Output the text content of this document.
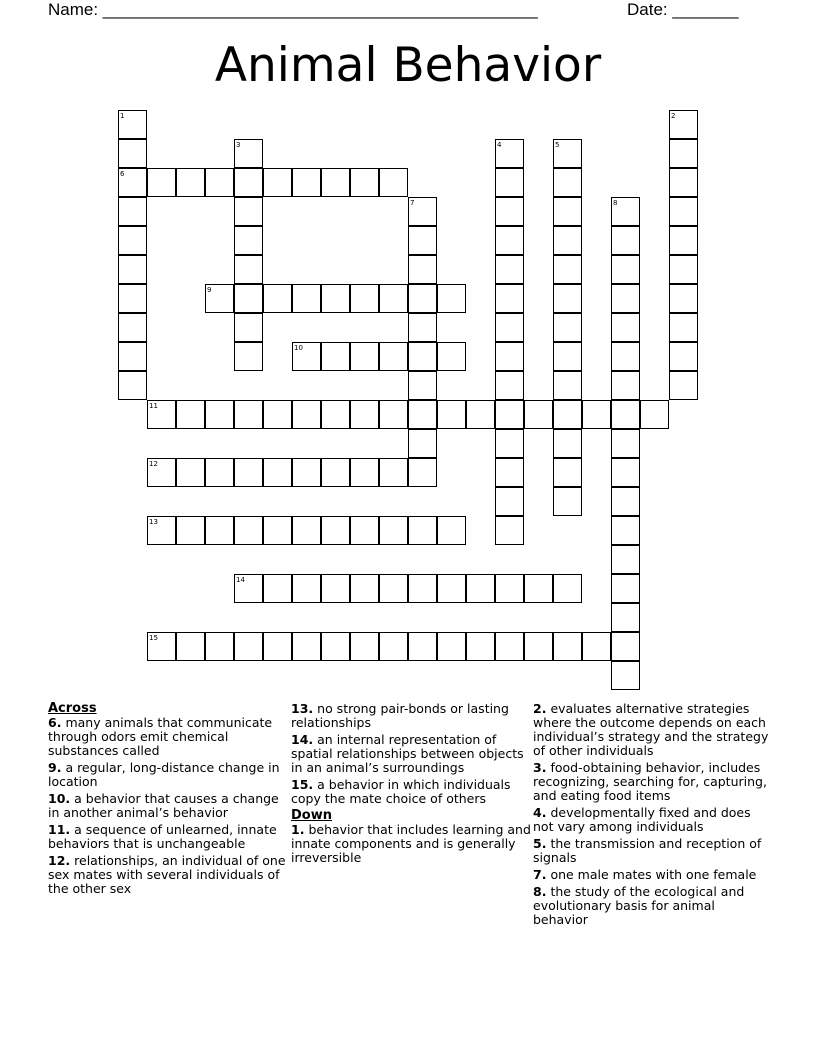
Name: ______________________________________________	Date: _______
Animal Behavior
1	2
3	4	5
6
7	8
9
10
11
12
13
14
15
Across
6. many animals that communicate through odors emit chemical substances called
9. a regular, long-distance change in location
10. a behavior that causes a change in another animal’s behavior
11. a sequence of unlearned, innate behaviors that is unchangeable
12. relationships, an individual of one sex mates with several individuals of the other sex
13. no strong pair-bonds or lasting relationships
14. an internal representation of spatial relationships between objects in an animal’s surroundings
15. a behavior in which individuals copy the mate choice of others
Down
1. behavior that includes learning and innate components and is generally irreversible
2. evaluates alternative strategies where the outcome depends on each individual’s strategy and the strategy of other individuals
3. food-obtaining behavior, includes recognizing, searching for, capturing, and eating food items
4. developmentally fixed and does not vary among individuals
5. the transmission and reception of signals
7. one male mates with one female
8. the study of the ecological and evolutionary basis for animal behavior
